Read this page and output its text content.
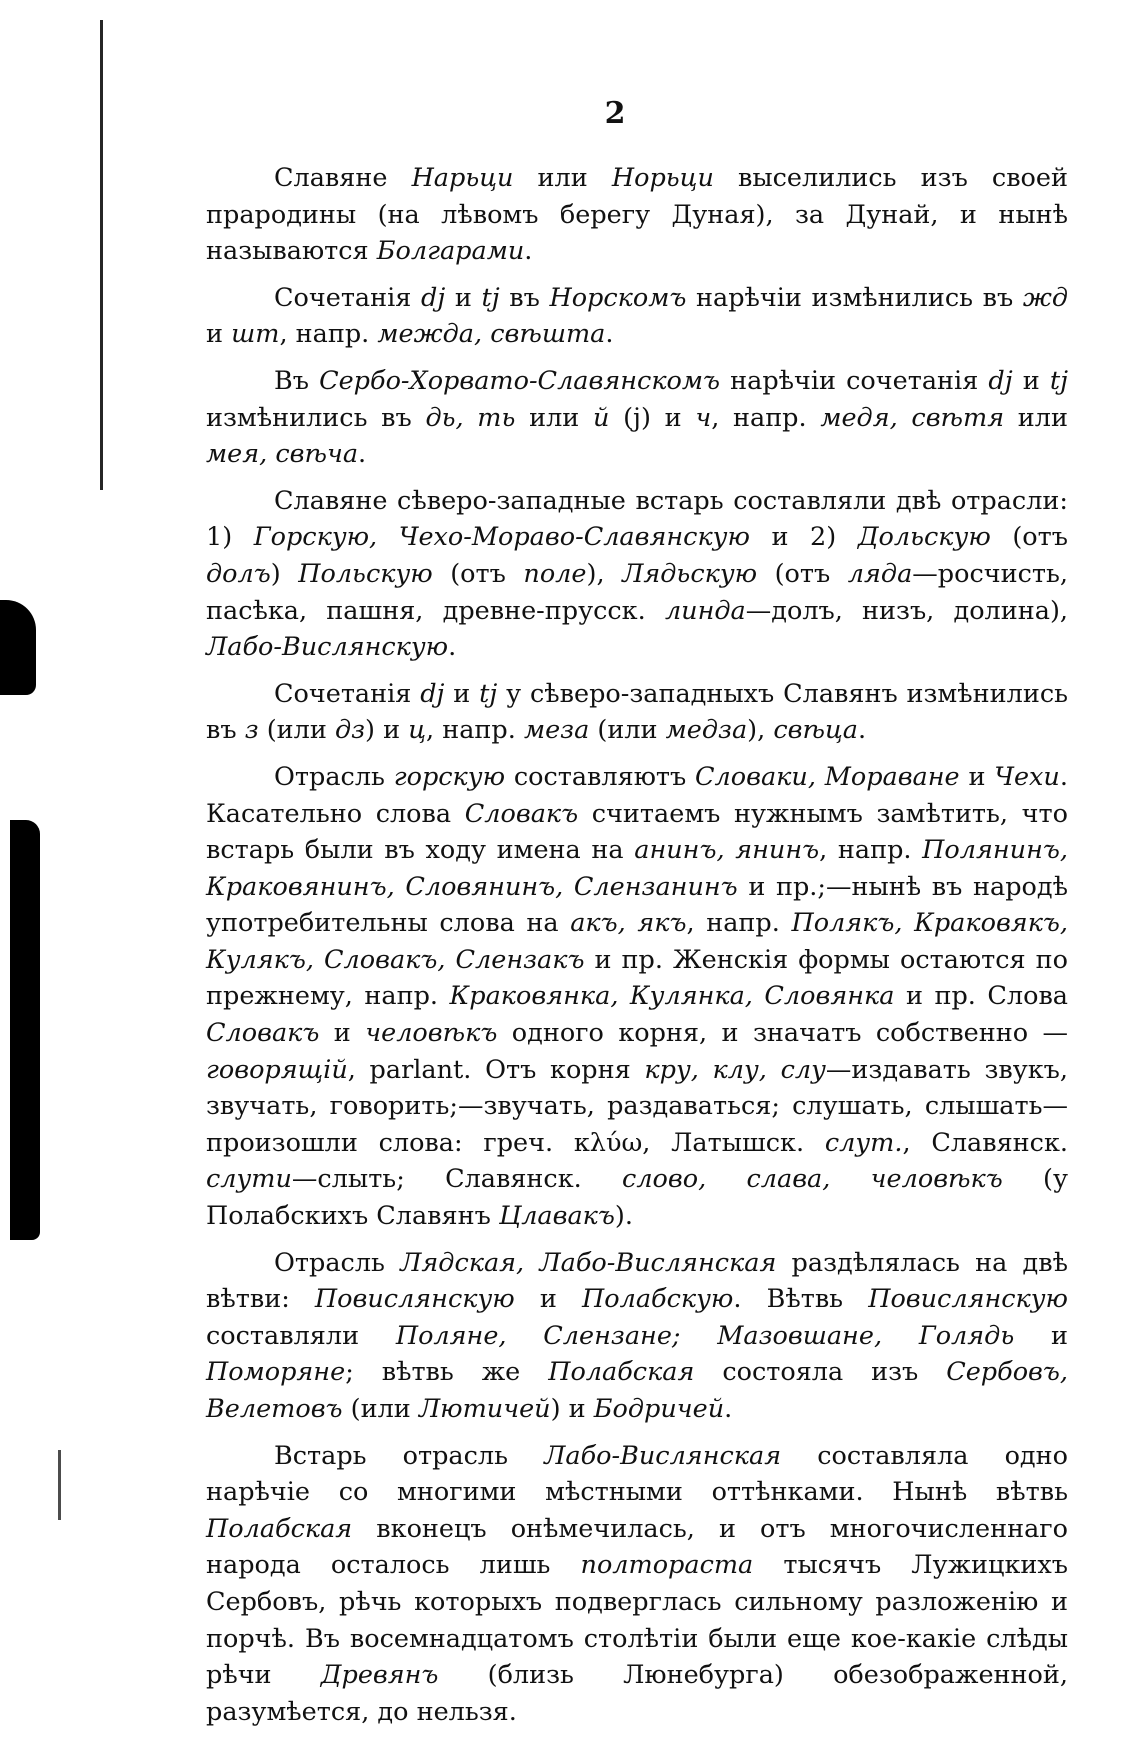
2

Славяне Нарьци или Норьци выселились изъ своей прародины (на лѣвомъ берегу Дуная), за Дунай, и нынѣ называются Болгарами.

Сочетанія dj и tj въ Норскомъ нарѣчіи измѣнились въ жд и шт, напр. межда, свѣшта.

Въ Сербо-Хорвато-Славянскомъ нарѣчіи сочетанія dj и tj измѣнились въ дь, ть или й (j) и ч, напр. медя, свѣтя или мея, свѣча.

Славяне сѣверо-западные встарь составляли двѣ отрасли: 1) Горскую, Чехо-Мораво-Славянскую и 2) Дольскую (отъ долъ) Польскую (отъ поле), Лядьскую (отъ ляда—росчисть, пасѣка, пашня, древне-прусск. линда—долъ, низъ, долина), Лабо-Вислянскую.

Сочетанія dj и tj у сѣверо-западныхъ Славянъ измѣнились въ з (или дз) и ц, напр. меза (или медза), свѣца.

Отрасль горскую составляютъ Словаки, Мораване и Чехи. Касательно слова Словакъ считаемъ нужнымъ замѣтить, что встарь были въ ходу имена на анинъ, янинъ, напр. Полянинъ, Краковянинъ, Словянинъ, Слензанинъ и пр.;—нынѣ въ народѣ употребительны слова на акъ, якъ, напр. Полякъ, Краковякъ, Кулякъ, Словакъ, Слензакъ и пр. Женскія формы остаются по прежнему, напр. Краковянка, Кулянка, Словянка и пр. Слова Словакъ и человѣкъ одного корня, и значатъ собственно —говорящій, parlant. Отъ корня кру, клу, слу—издавать звукъ, звучать, говорить;—звучать, раздаваться; слушать, слышать—произошли слова: греч. κλύω, Латышск. слут., Славянск. слути—слыть; Славянск. слово, слава, человѣкъ (у Полабскихъ Славянъ Цлавакъ).

Отрасль Лядская, Лабо-Вислянская раздѣлялась на двѣ вѣтви: Повислянскую и Полабскую. Вѣтвь Повислянскую составляли Поляне, Слензане; Мазовшане, Голядь и Поморяне; вѣтвь же Полабская состояла изъ Сербовъ, Велетовъ (или Лютичей) и Бодричей.

Встарь отрасль Лабо-Вислянская составляла одно нарѣчіе со многими мѣстными оттѣнками. Нынѣ вѣтвь Полабская вконецъ онѣмечилась, и отъ многочисленнаго народа осталось лишь полтораста тысячъ Лужицкихъ Сербовъ, рѣчь которыхъ подверглась сильному разложенію и порчѣ. Въ восемнадцатомъ столѣтіи были еще кое-какіе слѣды рѣчи Древянъ (близь Люнебурга) обезображенной, разумѣется, до нельзя.
